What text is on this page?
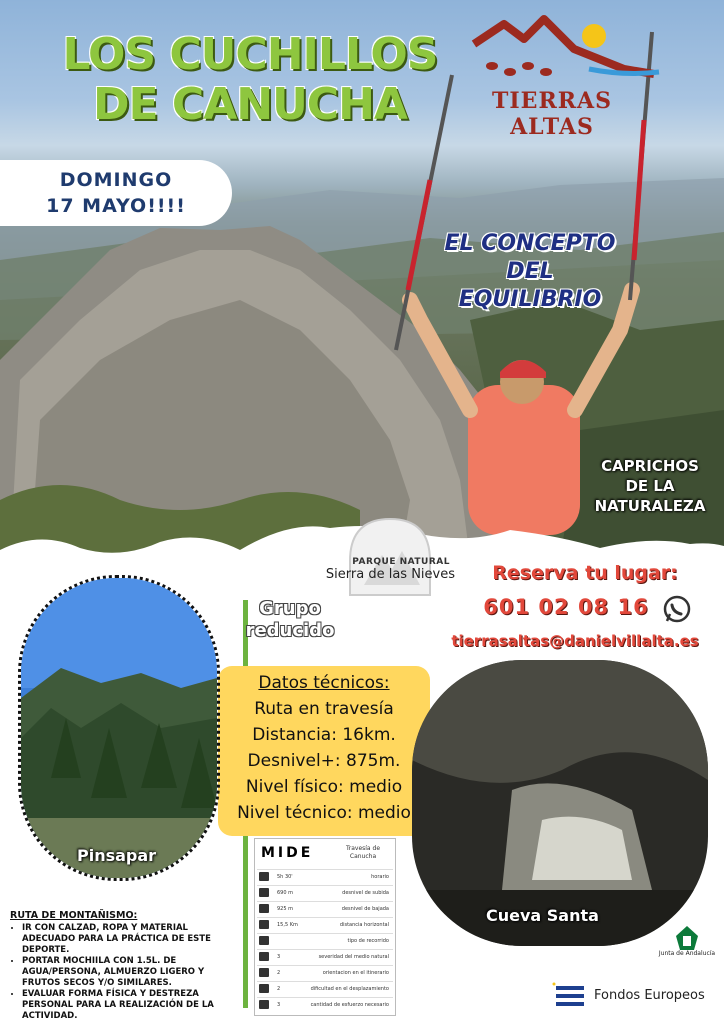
LOS CUCHILLOS
DE CANUCHA
DOMINGO
17 MAYO!!!!
TIERRAS ALTAS
EL CONCEPTO
DEL EQUILIBRIO
CAPRICHOS
DE LA
NATURALEZA
PARQUE NATURAL
Sierra de las Nieves	Reserva tu lugar:
601 02 08 16
tierrasaltas@danielvillalta.es
Grupo
reducido
Datos técnicos:
Ruta en travesía
Distancia: 16km.
Desnivel+: 875m.
Nivel físico: medio
Nivel técnico: medio
Pinsapar
Cueva Santa
RUTA DE MONTAÑISMO:
• IR CON CALZAD, ROPA Y MATERIAL ADECUADO PARA LA PRÁCTICA DE ESTE DEPORTE.
• PORTAR MOCHIILA CON 1.5L. DE AGUA/PERSONA, ALMUERZO LIGERO Y FRUTOS SECOS Y/O SIMILARES.
• EVALUAR FORMA FÍSICA Y DESTREZA PERSONAL PARA LA REALIZACIÓN DE LA ACTIVIDAD.
MIDE	Travesía de Canucha
5h 30'	horario
690 m	desnivel de subida
925 m	desnivel de bajada
15,5 Km	distancia horizontal
tipo de recorrido
3	severidad del medio natural
2	orientacion en el itinerario
2	dificultad en el desplazamiento
3	cantidad de esfuerzo necesario
Junta de Andalucía
Fondos Europeos
